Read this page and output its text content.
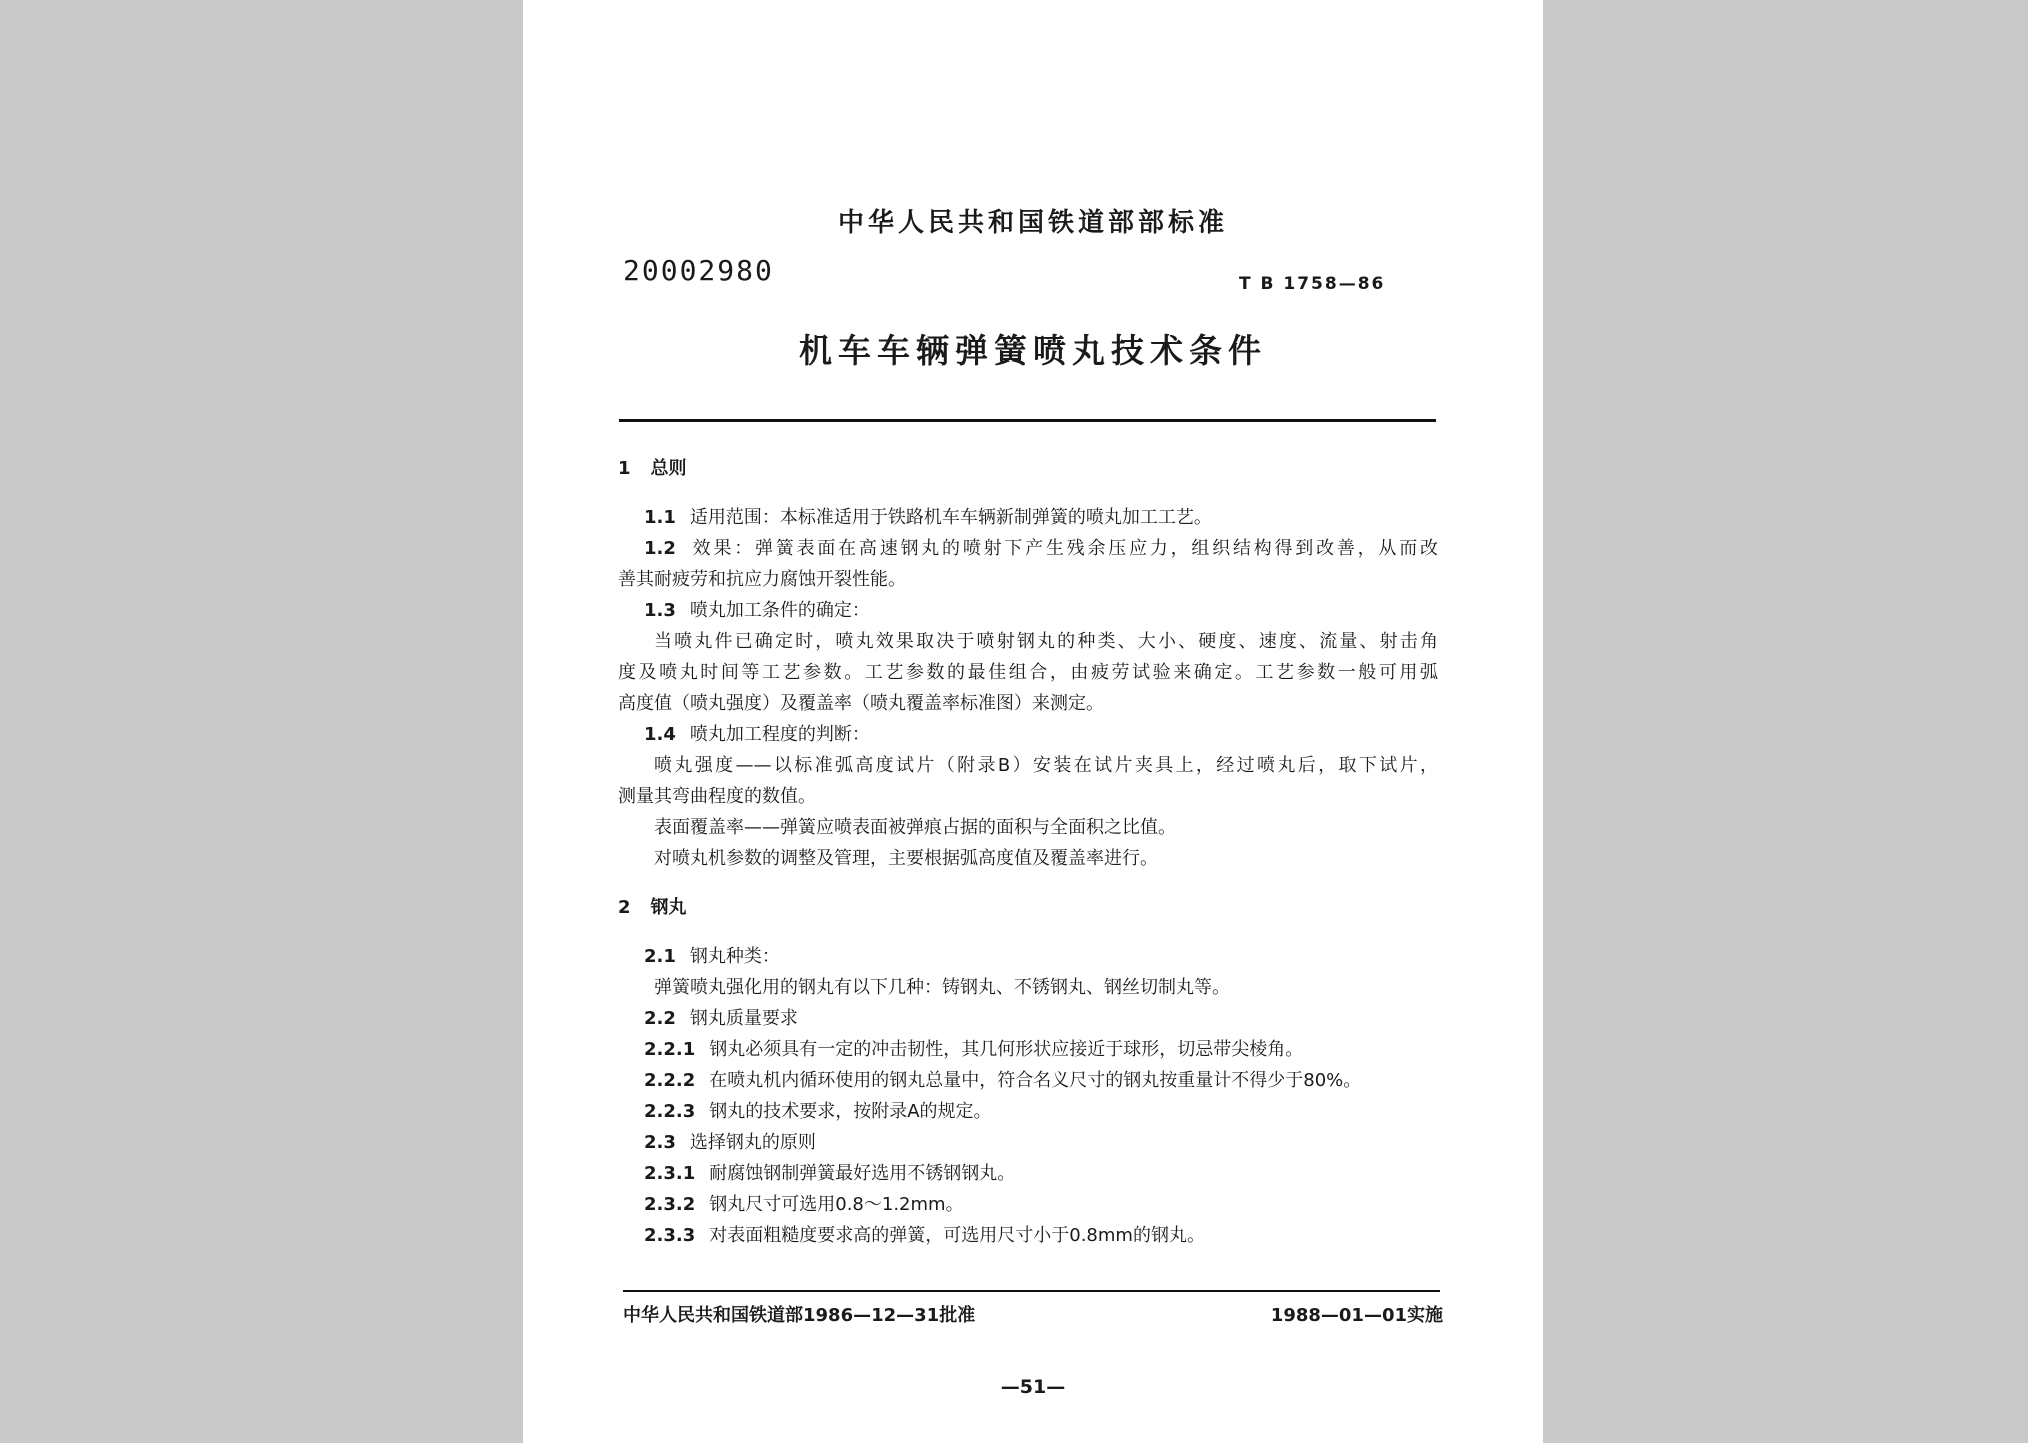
中华人民共和国铁道部部标准
20002980	T B 1758—86
机车车辆弹簧喷丸技术条件
1 总则
1.1 适用范围：本标准适用于铁路机车车辆新制弹簧的喷丸加工工艺。
1.2 效果：弹簧表面在高速钢丸的喷射下产生残余压应力，组织结构得到改善，从而改
善其耐疲劳和抗应力腐蚀开裂性能。
1.3 喷丸加工条件的确定：
当喷丸件已确定时，喷丸效果取决于喷射钢丸的种类、大小、硬度、速度、流量、射击角
度及喷丸时间等工艺参数。工艺参数的最佳组合，由疲劳试验来确定。工艺参数一般可用弧
高度值（喷丸强度）及覆盖率（喷丸覆盖率标准图）来测定。
1.4 喷丸加工程度的判断：
喷丸强度——以标准弧高度试片（附录B）安装在试片夹具上，经过喷丸后，取下试片，
测量其弯曲程度的数值。
表面覆盖率——弹簧应喷表面被弹痕占据的面积与全面积之比值。
对喷丸机参数的调整及管理，主要根据弧高度值及覆盖率进行。
2 钢丸
2.1 钢丸种类：
弹簧喷丸强化用的钢丸有以下几种：铸钢丸、不锈钢丸、钢丝切制丸等。
2.2 钢丸质量要求
2.2.1 钢丸必须具有一定的冲击韧性，其几何形状应接近于球形，切忌带尖棱角。
2.2.2 在喷丸机内循环使用的钢丸总量中，符合名义尺寸的钢丸按重量计不得少于80%。
2.2.3 钢丸的技术要求，按附录A的规定。
2.3 选择钢丸的原则
2.3.1 耐腐蚀钢制弹簧最好选用不锈钢钢丸。
2.3.2 钢丸尺寸可选用0.8～1.2mm。
2.3.3 对表面粗糙度要求高的弹簧，可选用尺寸小于0.8mm的钢丸。
中华人民共和国铁道部1986—12—31批准	1988—01—01实施
—51—
